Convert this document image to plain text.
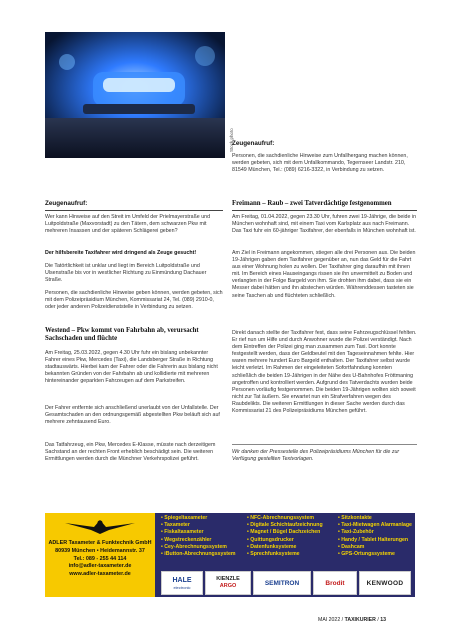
Stock photo
Zeugenaufruf:
Personen, die sachdienliche Hinweise zum Unfallhergang machen können, werden gebeten, sich mit dem Unfallkommando, Tegernseer Landstr. 210, 81549 München, Tel.: (089) 6216-3322, in Verbindung zu setzen.
Zeugenaufruf:
Wer kann Hinweise auf den Streit im Umfeld der Prielmayerstraße und Luitpoldstraße (Maxvorstadt) zu den Tätern, dem schwarzen Pkw mit mehreren Insassen und der späteren Schlägerei geben?
Der hilfsbereite Taxifahrer wird dringend als Zeuge gesucht!
Die Tatörtlichkeit ist unklar und liegt im Bereich Luitpoldstraße und Ulsenstraße bis vor in westlicher Richtung zu Einmündung Dachauer Straße.
Personen, die sachdienliche Hinweise geben können, werden gebeten, sich mit dem Polizeipräsidium München, Kommissariat 24, Tel. (089) 2910-0, oder jeder anderen Polizeidienststelle in Verbindung zu setzen.
Westend – Pkw kommt von Fahrbahn ab, verursacht Sachschaden und flüchte
Am Freitag, 25.03.2022, gegen 4.30 Uhr fuhr ein bislang unbekannter Fahrer eines Pkw, Mercedes (Taxi), die Landsberger Straße in Richtung stadtauswärts. Hierbei kam der Fahrer oder die Fahrerin aus bislang nicht bekannten Gründen von der Fahrbahn ab und kollidierte mit mehreren hintereinander geparkten Fahrzeugen auf dem Parkstreifen.
Der Fahrer entfernte sich anschließend unerlaubt von der Unfallstelle. Der Gesamtschaden an den ordnungsgemäß abgestellten Pkw beläuft sich auf mehrere zehntausend Euro.
Das Tatfahrzeug, ein Pkw, Mercedes E-Klasse, müsste nach derzeitigem Sachstand an der rechten Front erheblich beschädigt sein. Die weiteren Ermittlungen werden durch die Münchner Verkehrspolizei geführt.
Freimann – Raub – zwei Tatverdächtige festgenommen
Am Freitag, 01.04.2022, gegen 23.30 Uhr, fuhren zwei 19-Jährige, die beide in München wohnhaft sind, mit einem Taxi vom Karlsplatz aus nach Freimann. Das Taxi fuhr ein 60-jähriger Taxifahrer, der ebenfalls in München wohnhaft ist.
Am Ziel in Freimann angekommen, stiegen alle drei Personen aus. Die beiden 19-Jährigen gaben dem Taxifahrer gegenüber an, nun das Geld für die Fahrt aus einer Wohnung holen zu wollen. Der Taxifahrer ging daraufhin mit ihnen mit. Im Bereich eines Hauseingangs rissen sie ihn unvermittelt zu Boden und verlangten in der Folge Bargeld von ihm. Sie drohten ihm dabei, dass sie ein Messer dabei hätten und ihn abstechen würden. Währenddessen tasteten sie seine Taschen ab und flüchteten schließlich.
Direkt danach stellte der Taxifahrer fest, dass seine Fahrzeugschlüssel fehlten. Er rief nun um Hilfe und durch Anwohner wurde die Polizei verständigt. Nach dem Eintreffen der Polizei ging man zusammen zum Taxi. Dort konnte festgestellt werden, dass der Geldbeutel mit den Tageseinnahmen fehlte. Hier waren mehrere hundert Euro Bargeld enthalten. Der Taxifahrer selbst wurde leicht verletzt. Im Rahmen der eingeleiteten Sofortfahndung konnten schließlich die beiden 19-Jährigen in der Nähe des U-Bahnhofes Fröttmaning angetroffen und kontrolliert werden. Aufgrund des Tatverdachts wurden beide Personen vorläufig festgenommen. Die beiden 19-Jährigen wollten sich soweit nicht zur Tat äußern. Sie erwartet nun ein Strafverfahren wegen des Raubdelikts. Die weiteren Ermittlungen in dieser Sache werden durch das Kommissariat 21 des Polizeipräsidiums München geführt.
Wir danken der Pressestelle des Polizeipräsidiums München für die zur Verfügung gestellten Textvorlagen.
ADLER Taxameter & Funktechnik GmbH
80939 München • Heidemannstr. 37
Tel.: 089 - 255 44 114
info@adler-taxameter.de
www.adler-taxameter.de
• Spiegeltaxameter
• Taxameter
• Fiskaltaxameter
• Wegstreckenzähler
• Cey-Abrechnungssystem
• iButton-Abrechnungssystem
• NFC-Abrechnungssystem
• Digitale Schichtaufzeichnung
• Magnet / Bügel Dachzeichen
• Quittungsdrucker
• Datenfunksysteme
• Sprechfunksysteme
• Sitzkontakte
• Taxi-Mietwagen Alarmanlage
• Taxi-Zubehör
• Handy / Tablet Halterungen
• Dashcam
• GPS-Ortungssysteme
HALE
electronic
KIENZLE
ARGO	SEMITRON	Brodit	KENWOOD
MAI 2022 / TAXIKURIER / 13
